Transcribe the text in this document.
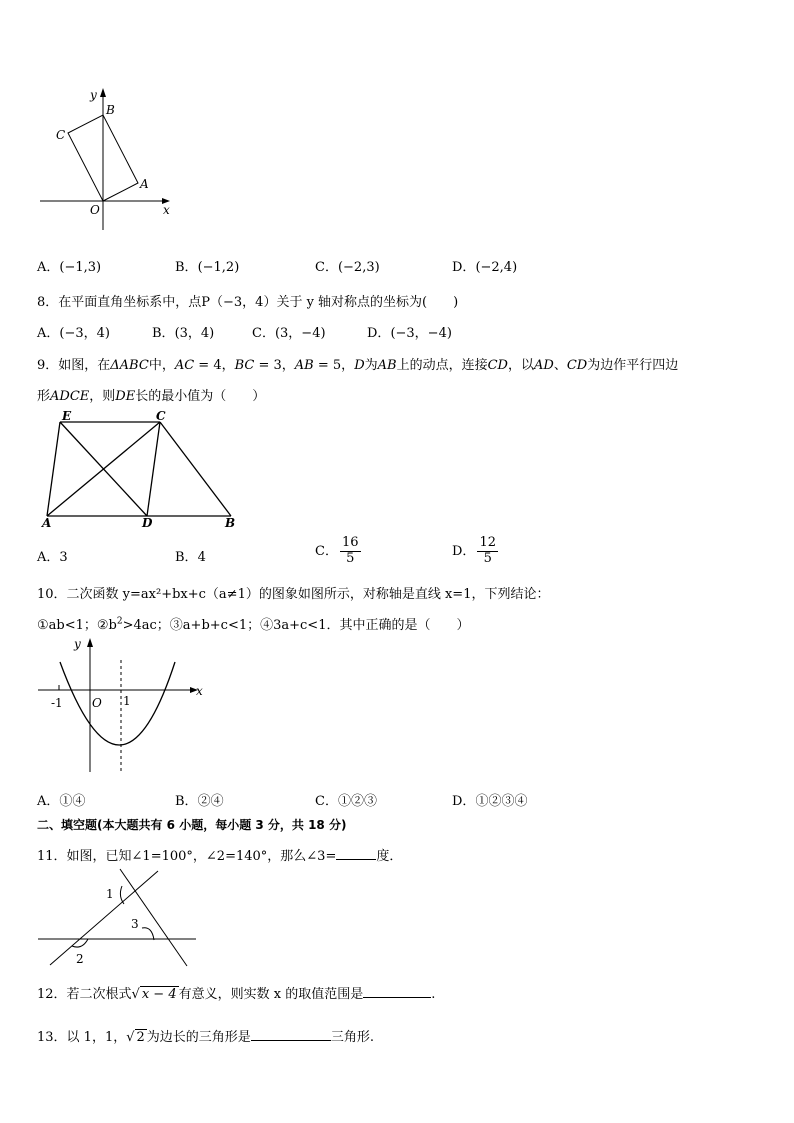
y
B
C
A
O	x
A．(−1,3)	B．(−1,2)	C．(−2,3)	D．(−2,4)
8．在平面直角坐标系中，点P（−3，4）关于 y 轴对称点的坐标为(　　)
A．(−3，4)	B．(3，4)	C．(3，−4)	D．(−3，−4)
9．如图，在ΔABC中，AC = 4，BC = 3，AB = 5，D为AB上的动点，连接CD，以AD、CD为边作平行四边
形ADCE，则DE长的最小值为（　　）
E	C
A	D	B
A．3	B．4	C． $\frac{16}{5}$	D． $\frac{12}{5}$
10．二次函数 y=ax²+bx+c（a≠1）的图象如图所示，对称轴是直线 x=1，下列结论：
①ab<1；$②b^2>4ac$；③a+b+c<1；④3a+c<1．其中正确的是（　　）
y
x
-1 O 1
A．①④	B．②④	C．①②③	D．①②③④
二、填空题(本大题共有 6 小题，每小题 3 分，共 18 分)
11．如图，已知∠1=100°，∠2=140°，那么∠3=	度．
1
2
3
12．若二次根式√ x − 4 有意义，则实数 x 的取值范围是	.
13．以 1，1，√ 2 为边长的三角形是	三角形.
